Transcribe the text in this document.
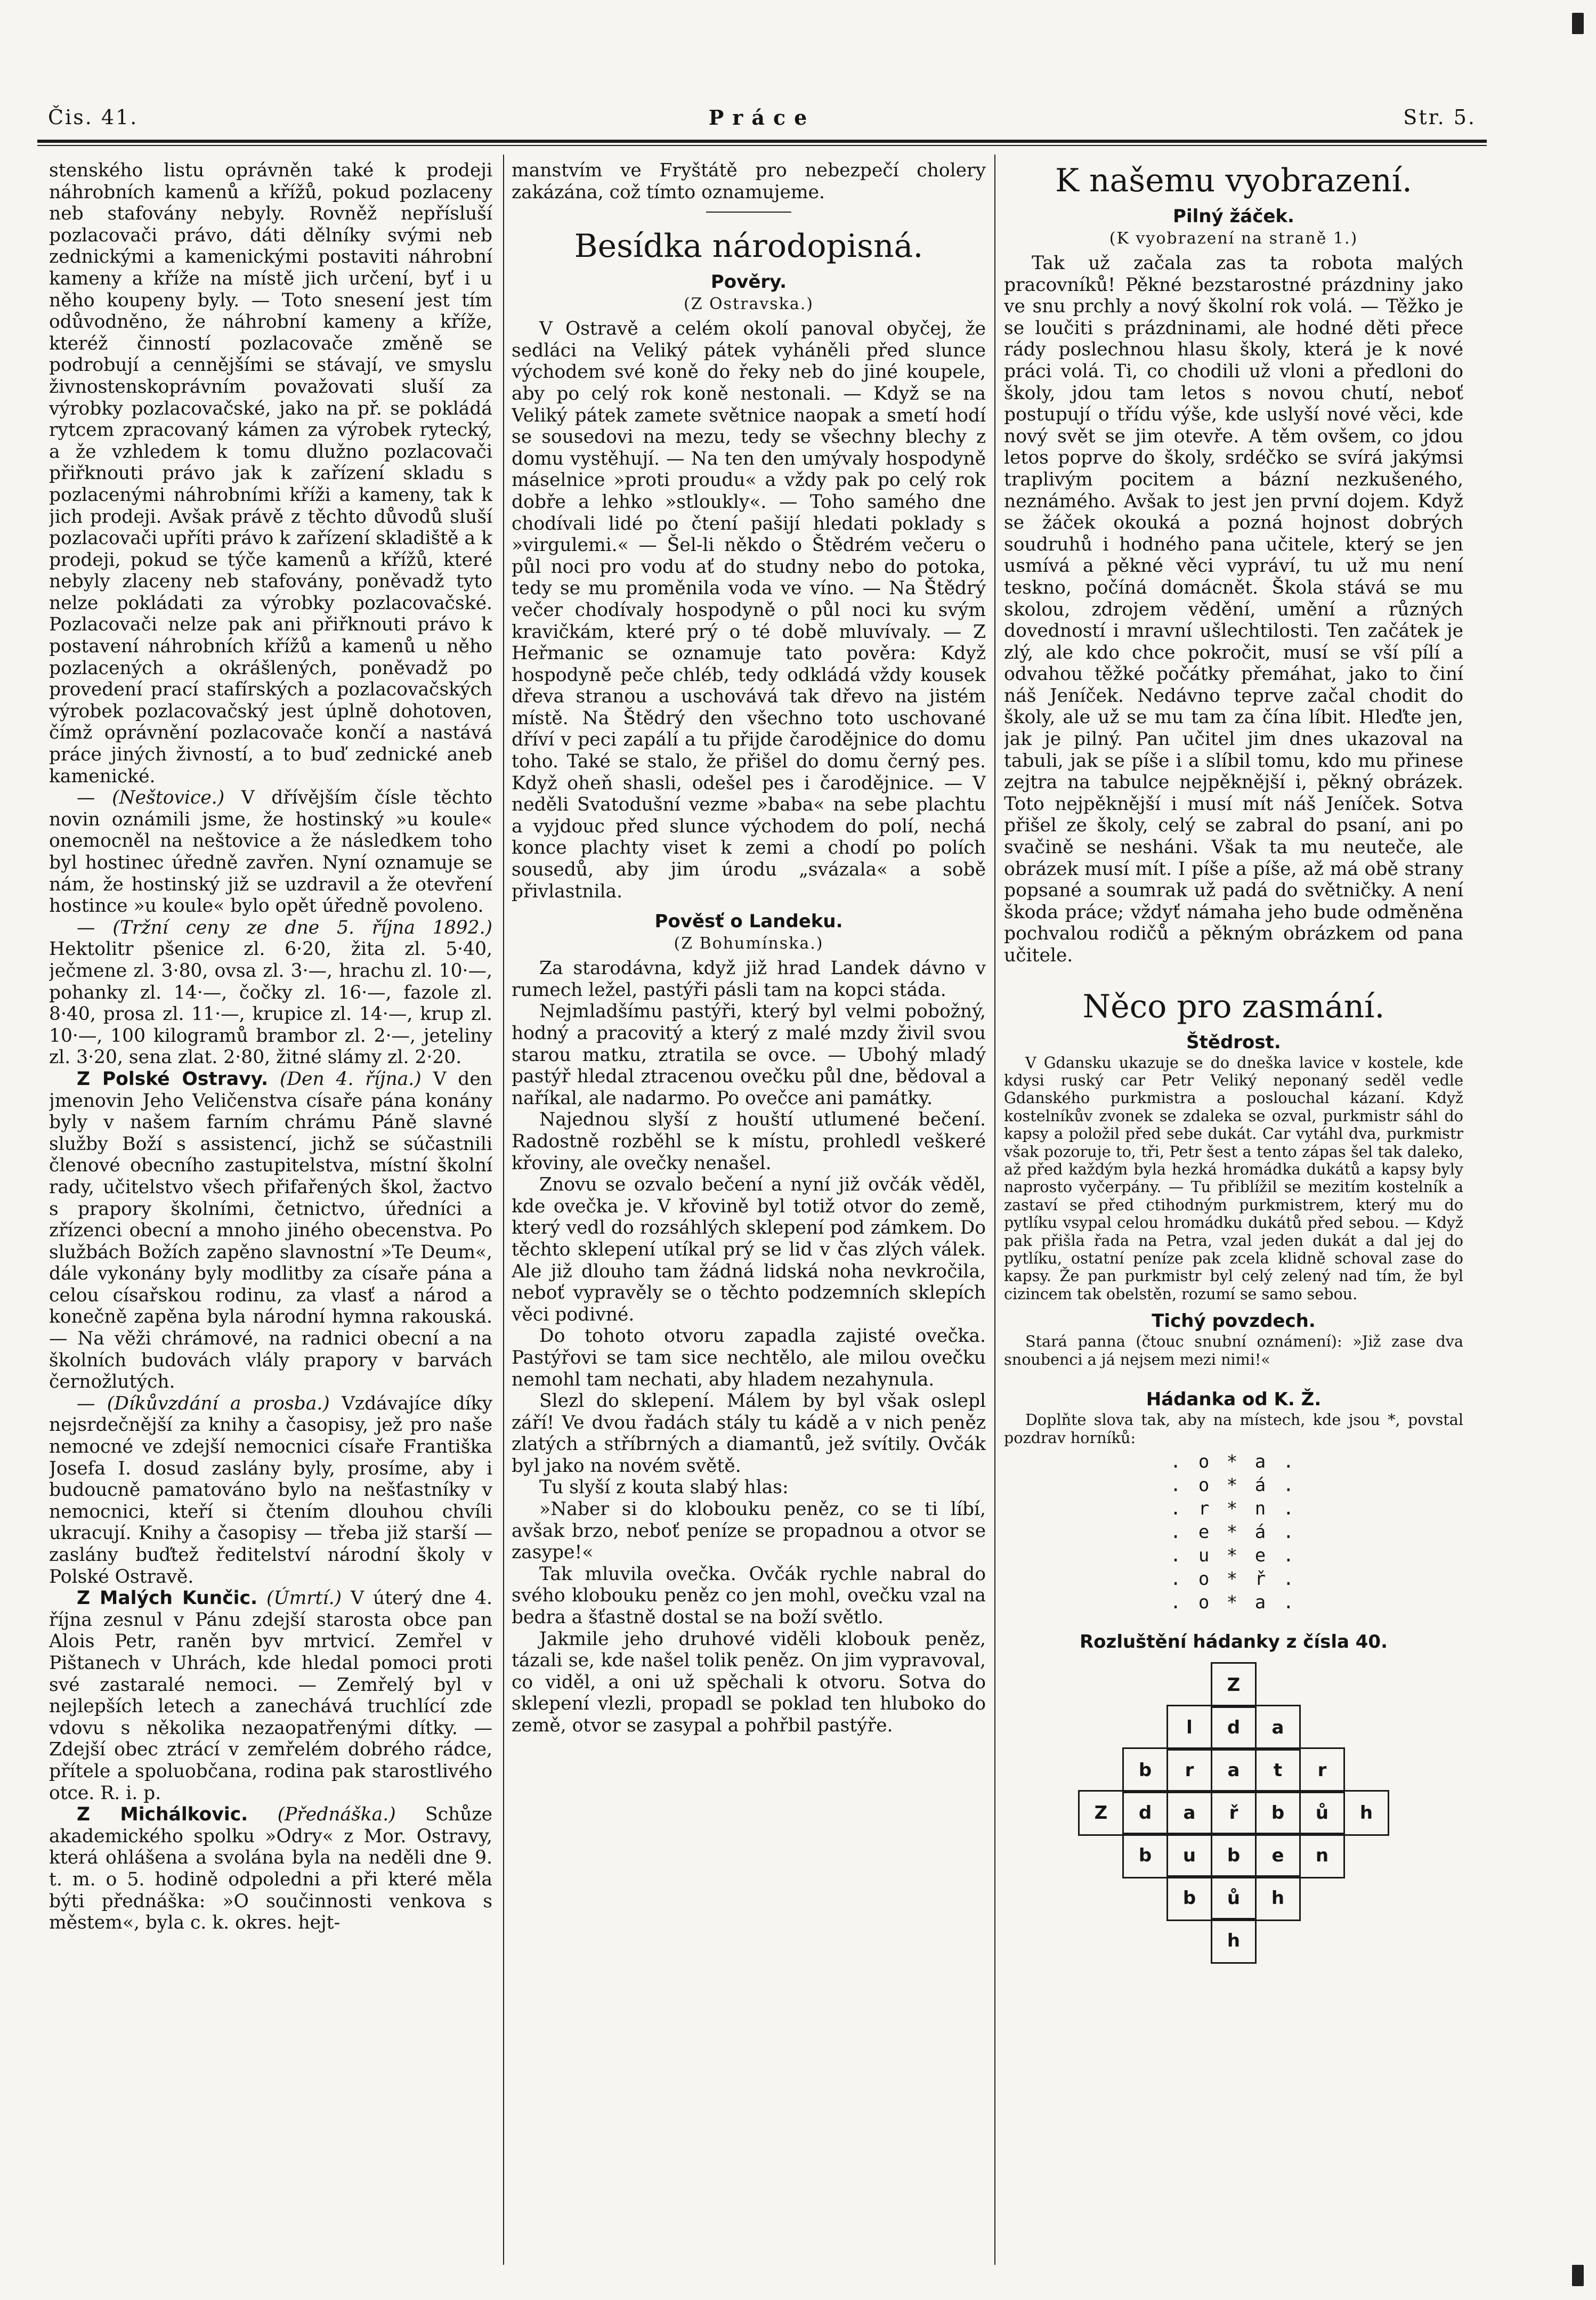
Čis. 41.	Práce	Str. 5.

stenského listu oprávněn také k prodeji náhrobních kamenů a křížů, pokud pozlaceny neb stafovány nebyly. Rovněž nepřísluší pozlacovači právo, dáti dělníky svými neb zednickými a kamenickými postaviti náhrobní kameny a kříže na místě jich určení, byť i u něho koupeny byly. — Toto snesení jest tím odůvodněno, že náhrobní kameny a kříže, kteréž činností pozlacovače změně se podrobují a cennějšími se stávají, ve smyslu živnostenskoprávním považovati sluší za výrobky pozlacovačské, jako na př. se pokládá rytcem zpracovaný kámen za výrobek rytecký, a že vzhledem k tomu dlužno pozlacovači přiřknouti právo jak k zařízení skladu s pozlacenými náhrobními kříži a kameny, tak k jich prodeji. Avšak právě z těchto důvodů sluší pozlacovači upříti právo k zařízení skladiště a k prodeji, pokud se týče kamenů a křížů, které nebyly zlaceny neb stafovány, poněvadž tyto nelze pokládati za výrobky pozlacovačské. Pozlacovači nelze pak ani přiřknouti právo k postavení náhrobních křížů a kamenů u něho pozlacených a okrášlených, poněvadž po provedení prací stafírských a pozlacovačských výrobek pozlacovačský jest úplně dohotoven, čímž oprávnění pozlacovače končí a nastává práce jiných živností, a to buď zednické aneb kamenické.

— (Neštovice.) V dřívějším čísle těchto novin oznámili jsme, že hostinský »u koule« onemocněl na neštovice a že následkem toho byl hostinec úředně zavřen. Nyní oznamuje se nám, že hostinský již se uzdravil a že otevření hostince »u koule« bylo opět úředně povoleno.

— (Tržní ceny ze dne 5. října 1892.) Hektolitr pšenice zl. 6·20, žita zl. 5·40, ječmene zl. 3·80, ovsa zl. 3·—, hrachu zl. 10·—, pohanky zl. 14·—, čočky zl. 16·—, fazole zl. 8·40, prosa zl. 11·—, krupice zl. 14·—, krup zl. 10·—, 100 kilogramů brambor zl. 2·—, jeteliny zl. 3·20, sena zlat. 2·80, žitné slámy zl. 2·20.

Z Polské Ostravy. (Den 4. října.) V den jmenovin Jeho Veličenstva císaře pána konány byly v našem farním chrámu Páně slavné služby Boží s assistencí, jichž se súčastnili členové obecního zastupitelstva, místní školní rady, učitelstvo všech přifařených škol, žactvo s prapory školními, četnictvo, úředníci a zřízenci obecní a mnoho jiného obecenstva. Po službách Božích zapěno slavnostní »Te Deum«, dále vykonány byly modlitby za císaře pána a celou císařskou rodinu, za vlasť a národ a konečně zapěna byla národní hymna rakouská. — Na věži chrámové, na radnici obecní a na školních budovách vlály prapory v barvách černožlutých.

— (Díkůvzdání a prosba.) Vzdávajíce díky nejsrdečnější za knihy a časopisy, jež pro naše nemocné ve zdejší nemocnici císaře Františka Josefa I. dosud zaslány byly, prosíme, aby i budoucně pamatováno bylo na nešťastníky v nemocnici, kteří si čtením dlouhou chvíli ukracují. Knihy a časopisy — třeba již starší — zaslány buďtež ředitelství národní školy v Polské Ostravě.

Z Malých Kunčic. (Úmrtí.) V úterý dne 4. října zesnul v Pánu zdejší starosta obce pan Alois Petr, raněn byv mrtvicí. Zemřel v Pištanech v Uhrách, kde hledal pomoci proti své zastaralé nemoci. — Zemřelý byl v nejlepších letech a zanechává truchlící zde vdovu s několika nezaopatřenými dítky. — Zdejší obec ztrácí v zemřelém dobrého rádce, přítele a spoluobčana, rodina pak starostlivého otce. R. i. p.

Z Michálkovic. (Přednáška.) Schůze akademického spolku »Odry« z Mor. Ostravy, která ohlášena a svolána byla na neděli dne 9. t. m. o 5. hodině odpoledni a při které měla býti přednáška: »O součinnosti venkova s městem«, byla c. k. okres. hejt-

manstvím ve Fryštátě pro nebezpečí cholery zakázána, což tímto oznamujeme.

Besídka národopisná.
Pověry.
(Z Ostravska.)

V Ostravě a celém okolí panoval obyčej, že sedláci na Veliký pátek vyháněli před slunce východem své koně do řeky neb do jiné koupele, aby po celý rok koně nestonali. — Když se na Veliký pátek zamete světnice naopak a smetí hodí se sousedovi na mezu, tedy se všechny blechy z domu vystěhují. — Na ten den umývaly hospodyně máselnice »proti proudu« a vždy pak po celý rok dobře a lehko »stloukly«. — Toho samého dne chodívali lidé po čtení pašijí hledati poklady s »virgulemi.« — Šel-li někdo o Štědrém večeru o půl noci pro vodu ať do studny nebo do potoka, tedy se mu proměnila voda ve víno. — Na Štědrý večer chodívaly hospodyně o půl noci ku svým kravičkám, které prý o té době mluvívaly. — Z Heřmanic se oznamuje tato pověra: Když hospodyně peče chléb, tedy odkládá vždy kousek dřeva stranou a uschovává tak dřevo na jistém místě. Na Štědrý den všechno toto uschované dříví v peci zapálí a tu přijde čarodějnice do domu toho. Také se stalo, že přišel do domu černý pes. Když oheň shasli, odešel pes i čarodějnice. — V neděli Svatodušní vezme »baba« na sebe plachtu a vyjdouc před slunce východem do polí, nechá konce plachty viset k zemi a chodí po polích sousedů, aby jim úrodu „svázala« a sobě přivlastnila.

Pověsť o Landeku.
(Z Bohumínska.)

Za starodávna, když již hrad Landek dávno v rumech ležel, pastýři pásli tam na kopci stáda.

Nejmladšímu pastýři, který byl velmi pobožný, hodný a pracovitý a který z malé mzdy živil svou starou matku, ztratila se ovce. — Ubohý mladý pastýř hledal ztracenou ovečku půl dne, bědoval a naříkal, ale nadarmo. Po ovečce ani památky.

Najednou slyší z houští utlumené bečení. Radostně rozběhl se k místu, prohledl veškeré křoviny, ale ovečky nenašel.

Znovu se ozvalo bečení a nyní již ovčák věděl, kde ovečka je. V křovině byl totiž otvor do země, který vedl do rozsáhlých sklepení pod zámkem. Do těchto sklepení utíkal prý se lid v čas zlých válek. Ale již dlouho tam žádná lidská noha nevkročila, neboť vypravěly se o těchto podzemních sklepích věci podivné.

Do tohoto otvoru zapadla zajisté ovečka. Pastýřovi se tam sice nechtělo, ale milou ovečku nemohl tam nechati, aby hladem nezahynula.

Slezl do sklepení. Málem by byl však oslepl září! Ve dvou řadách stály tu kádě a v nich peněz zlatých a stříbrných a diamantů, jež svítily. Ovčák byl jako na novém světě.

Tu slyší z kouta slabý hlas:

»Naber si do klobouku peněz, co se ti líbí, avšak brzo, neboť peníze se propadnou a otvor se zasype!«

Tak mluvila ovečka. Ovčák rychle nabral do svého klobouku peněz co jen mohl, ovečku vzal na bedra a šťastně dostal se na boží světlo.

Jakmile jeho druhové viděli klobouk peněz, tázali se, kde našel tolik peněz. On jim vypravoval, co viděl, a oni už spěchali k otvoru. Sotva do sklepení vlezli, propadl se poklad ten hluboko do země, otvor se zasypal a pohřbil pastýře.

K našemu vyobrazení.
Pilný žáček.
(K vyobrazení na straně 1.)

Tak už začala zas ta robota malých pracovníků! Pěkné bezstarostné prázdniny jako ve snu prchly a nový školní rok volá. — Těžko je se loučiti s prázdninami, ale hodné děti přece rády poslechnou hlasu školy, která je k nové práci volá. Ti, co chodili už vloni a předloni do školy, jdou tam letos s novou chutí, neboť postupují o třídu výše, kde uslyší nové věci, kde nový svět se jim otevře. A těm ovšem, co jdou letos poprve do školy, srdéčko se svírá jakýmsi traplivým pocitem a bázní nezkušeného, neznámého. Avšak to jest jen první dojem. Když se žáček okouká a pozná hojnost dobrých soudruhů i hodného pana učitele, který se jen usmívá a pěkné věci vypráví, tu už mu není teskno, počíná domácnět. Škola stává se mu skolou, zdrojem vědění, umění a různých dovedností i mravní ušlechtilosti. Ten začátek je zlý, ale kdo chce pokročit, musí se vší pílí a odvahou těžké počátky přemáhat, jako to činí náš Jeníček. Nedávno teprve začal chodit do školy, ale už se mu tam za čína líbit. Hleďte jen, jak je pilný. Pan učitel jim dnes ukazoval na tabuli, jak se píše i a slíbil tomu, kdo mu přinese zejtra na tabulce nejpěknější i, pěkný obrázek. Toto nejpěknější i musí mít náš Jeníček. Sotva přišel ze školy, celý se zabral do psaní, ani po svačině se nesháni. Však ta mu neuteče, ale obrázek musí mít. I píše a píše, až má obě strany popsané a soumrak už padá do světničky. A není škoda práce; vždyť námaha jeho bude odměněna pochvalou rodičů a pěkným obrázkem od pana učitele.

Něco pro zasmání.
Štědrost.

V Gdansku ukazuje se do dneška lavice v kostele, kde kdysi ruský car Petr Veliký neponaný seděl vedle Gdanského purkmistra a poslouchal kázaní. Když kostelníkův zvonek se zdaleka se ozval, purkmistr sáhl do kapsy a položil před sebe dukát. Car vytáhl dva, purkmistr však pozoruje to, tři, Petr šest a tento zápas šel tak daleko, až před každým byla hezká hromádka dukátů a kapsy byly naprosto vyčerpány. — Tu přiblížil se mezitím kostelník a zastaví se před ctihodným purkmistrem, který mu do pytlíku vsypal celou hromádku dukátů před sebou. — Když pak přišla řada na Petra, vzal jeden dukát a dal jej do pytlíku, ostatní peníze pak zcela klidně schoval zase do kapsy. Že pan purkmistr byl celý zelený nad tím, že byl cizincem tak obelstěn, rozumí se samo sebou.

Tichý povzdech.

Stará panna (čtouc snubní oznámení): »Již zase dva snoubenci a já nejsem mezi nimi!«

Hádanka od K. Ž.

Doplňte slova tak, aby na místech, kde jsou *, povstal pozdrav horníků:

. o * a .
. o * á .
. r * n .
. e * á .
. u * e .
. o * ř .
. o * a .
Rozluštění hádanky z čísla 40.
Z
l	d	a
b	r	a	t	r
Z	d	a	ř	b	ů	h
b	u	b	e	n
b	ů	h
h
